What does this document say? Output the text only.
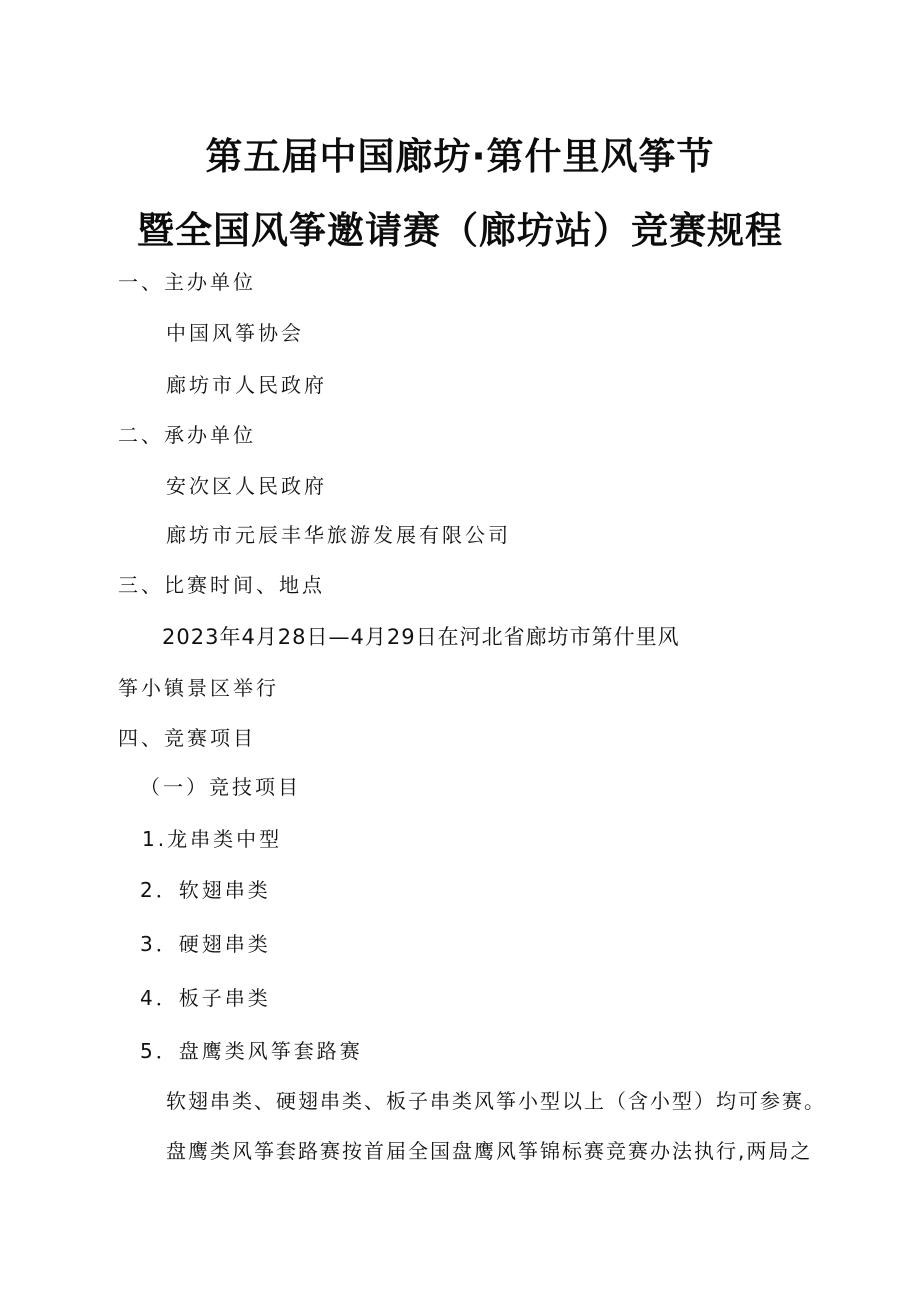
第五届中国廊坊·第什里风筝节
暨全国风筝邀请赛（廊坊站）竞赛规程
一、主办单位
中国风筝协会
廊坊市人民政府
二、承办单位
安次区人民政府
廊坊市元辰丰华旅游发展有限公司
三、比赛时间、地点
2023年4月28日—4月29日在河北省廊坊市第什里风
筝小镇景区举行
四、竞赛项目
（一）竞技项目
1.龙串类中型
2．软翅串类
3．硬翅串类
4．板子串类
5．盘鹰类风筝套路赛
软翅串类、硬翅串类、板子串类风筝小型以上（含小型）均可参赛。
盘鹰类风筝套路赛按首届全国盘鹰风筝锦标赛竞赛办法执行,两局之
